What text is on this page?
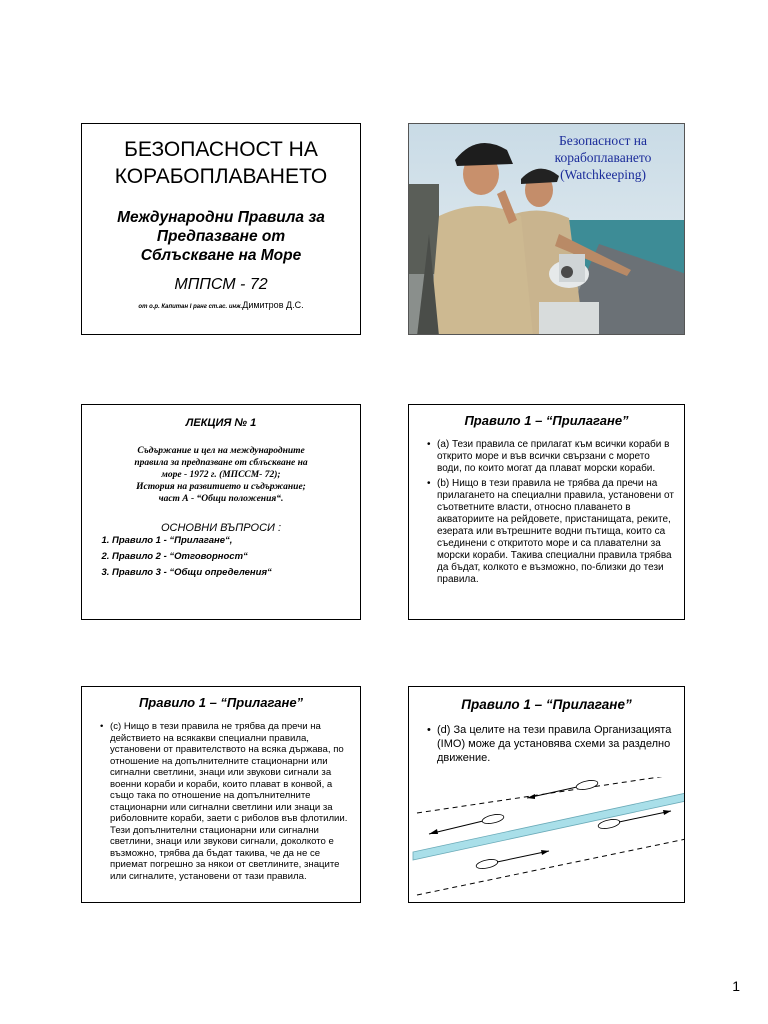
БЕЗОПАСНОСТ НА
КОРАБОПЛАВАНЕТО
Международни Правила за
Предпазване от
Сблъскване на Море
МППСМ - 72
от о.р. Капитан I ранг ст.ас. инж.Димитров Д.С.
Безопасност на
корабоплаването
(Watchkeeping)
ЛЕКЦИЯ № 1
Съдържание и цел на международните
правила за предпазване от сблъскване на
море - 1972 г. (МПССМ- 72);
История на развитието и съдържание;
част А - “Общи положения“.
ОСНОВНИ ВЪПРОСИ :
1. Правило 1 - “Прилагане“,
2. Правило 2 - “Отговорност“
3. Правило 3 - “Общи определения“
Правило 1 – “Прилагане”
• (а) Тези правила се прилагат към всички кораби в открито море и във всички свързани с морето води, по които могат да плават морски кораби.
• (b) Нищо в тези правила не трябва да пречи на прилагането на специални правила, установени от съответните власти, относно плаването в акваториите на рейдовете, пристанищата, реките, езерата или вътрешните водни пътища, които са съединени с откритото море и са плавателни за морски кораби. Такива специални правила трябва да бъдат, колкото е възможно, по-близки до тези правила.
Правило 1 – “Прилагане”
• (c) Нищо в тези правила не трябва да пречи на действието на всякакви специални правила, установени от правителството на всяка държава, по отношение на допълнителните стационарни или сигнални светлини, знаци или звукови сигнали за военни кораби и кораби, които плават в конвой, а също така по отношение на допълнителните стационарни или сигнални светлини или знаци за риболовните кораби, заети с риболов във флотилии. Тези допълнителни стационарни или сигнални светлини, знаци или звукови сигнали, доколкото е възможно, трябва да бъдат такива, че да не се приемат погрешно за някои от светлините, знаците или сигналите, установени от тази правила.
Правило 1 – “Прилагане”
• (d) За целите на тези правила Организацията (IMO) може да установява схеми за разделно движение.
1
